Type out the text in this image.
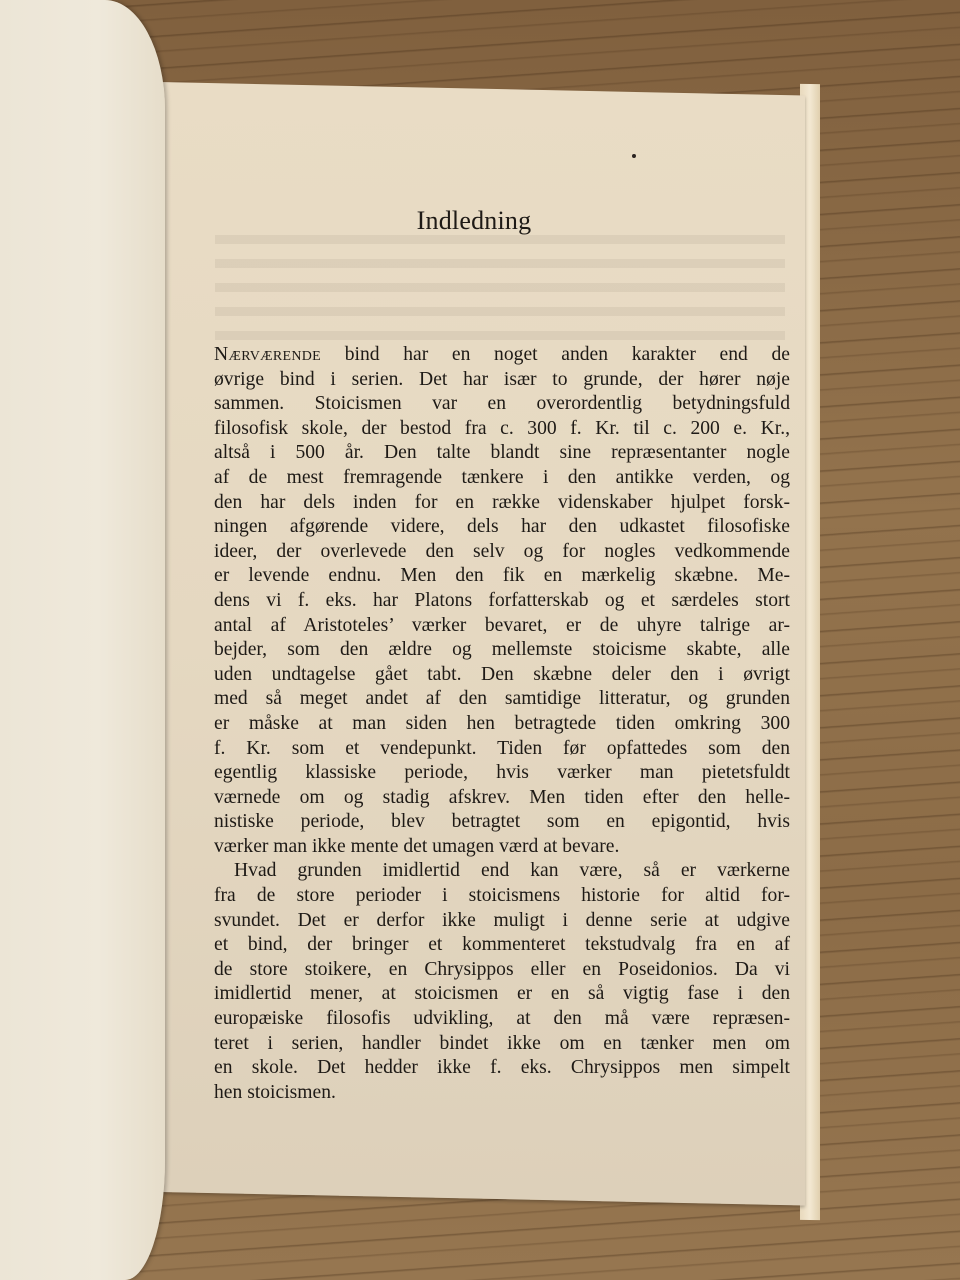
Indledning

Nærværende bind har en noget anden karakter end de
øvrige bind i serien. Det har især to grunde, der hører nøje
sammen. Stoicismen var en overordentlig betydningsfuld
filosofisk skole, der bestod fra c. 300 f. Kr. til c. 200 e. Kr.,
altså i 500 år. Den talte blandt sine repræsentanter nogle
af de mest fremragende tænkere i den antikke verden, og
den har dels inden for en række videnskaber hjulpet forsk-
ningen afgørende videre, dels har den udkastet filosofiske
ideer, der overlevede den selv og for nogles vedkommende
er levende endnu. Men den fik en mærkelig skæbne. Me-
dens vi f. eks. har Platons forfatterskab og et særdeles stort
antal af Aristoteles’ værker bevaret, er de uhyre talrige ar-
bejder, som den ældre og mellemste stoicisme skabte, alle
uden undtagelse gået tabt. Den skæbne deler den i øvrigt
med så meget andet af den samtidige litteratur, og grunden
er måske at man siden hen betragtede tiden omkring 300
f. Kr. som et vendepunkt. Tiden før opfattedes som den
egentlig klassiske periode, hvis værker man pietetsfuldt
værnede om og stadig afskrev. Men tiden efter den helle-
nistiske periode, blev betragtet som en epigontid, hvis
værker man ikke mente det umagen værd at bevare.

Hvad grunden imidlertid end kan være, så er værkerne
fra de store perioder i stoicismens historie for altid for-
svundet. Det er derfor ikke muligt i denne serie at udgive
et bind, der bringer et kommenteret tekstudvalg fra en af
de store stoikere, en Chrysippos eller en Poseidonios. Da vi
imidlertid mener, at stoicismen er en så vigtig fase i den
europæiske filosofis udvikling, at den må være repræsen-
teret i serien, handler bindet ikke om en tænker men om
en skole. Det hedder ikke f. eks. Chrysippos men simpelt
hen stoicismen.
